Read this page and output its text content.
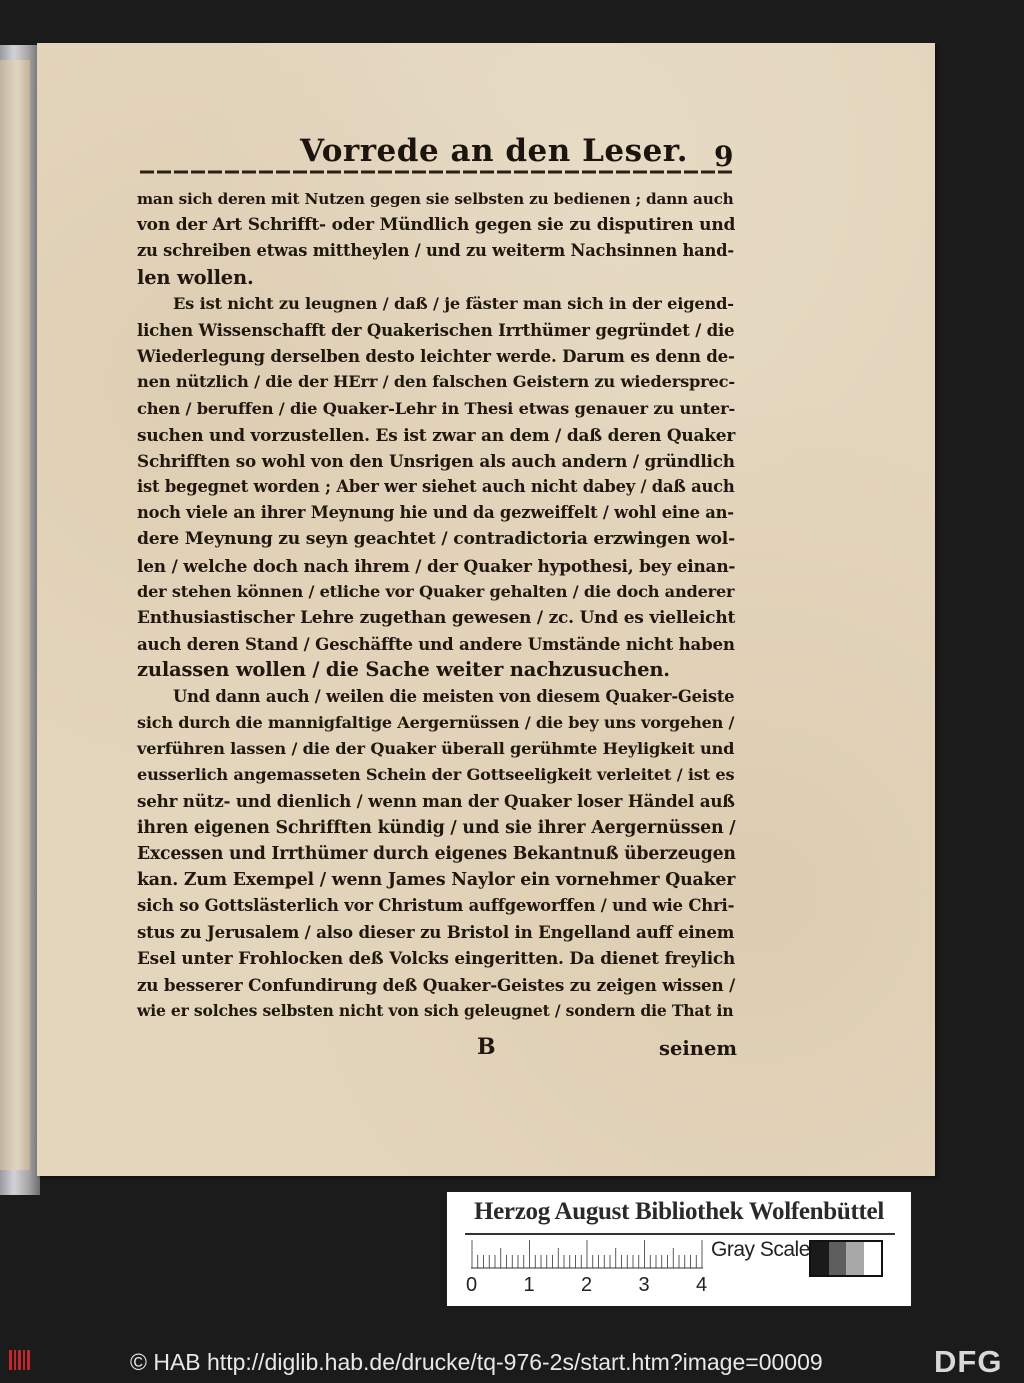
Vorrede an den Leser. 9
man sich deren mit Nutzen gegen sie selbsten zu bedienen ; dann auch
von der Art Schrifft- oder Mündlich gegen sie zu disputiren und
zu schreiben etwas mittheylen / und zu weiterm Nachsinnen hand-
len wollen.
Es ist nicht zu leugnen / daß / je fäster man sich in der eigend-
lichen Wissenschafft der Quakerischen Irrthümer gegründet / die
Wiederlegung derselben desto leichter werde. Darum es denn de-
nen nützlich / die der HErr / den falschen Geistern zu wiedersprec-
chen / beruffen / die Quaker-Lehr in Thesi etwas genauer zu unter-
suchen und vorzustellen. Es ist zwar an dem / daß deren Quaker
Schrifften so wohl von den Unsrigen als auch andern / gründlich
ist begegnet worden ; Aber wer siehet auch nicht dabey / daß auch
noch viele an ihrer Meynung hie und da gezweiffelt / wohl eine an-
dere Meynung zu seyn geachtet / contradictoria erzwingen wol-
len / welche doch nach ihrem / der Quaker hypothesi, bey einan-
der stehen können / etliche vor Quaker gehalten / die doch anderer
Enthusiastischer Lehre zugethan gewesen / zc. Und es vielleicht
auch deren Stand / Geschäffte und andere Umstände nicht haben
zulassen wollen / die Sache weiter nachzusuchen.
Und dann auch / weilen die meisten von diesem Quaker-Geiste
sich durch die mannigfaltige Aergernüssen / die bey uns vorgehen /
verführen lassen / die der Quaker überall gerühmte Heyligkeit und
eusserlich angemasseten Schein der Gottseeligkeit verleitet / ist es
sehr nütz- und dienlich / wenn man der Quaker loser Händel auß
ihren eigenen Schrifften kündig / und sie ihrer Aergernüssen /
Excessen und Irrthümer durch eigenes Bekantnuß überzeugen
kan. Zum Exempel / wenn James Naylor ein vornehmer Quaker
sich so Gottslästerlich vor Christum auffgeworffen / und wie Chri-
stus zu Jerusalem / also dieser zu Bristol in Engelland auff einem
Esel unter Frohlocken deß Volcks eingeritten. Da dienet freylich
zu besserer Confundirung deß Quaker-Geistes zu zeigen wissen /
wie er solches selbsten nicht von sich geleugnet / sondern die That in
B	seinem
Herzog August Bibliothek Wolfenbüttel
0 1 2 3 4
Gray Scale
© HAB http://diglib.hab.de/drucke/tq-976-2s/start.htm?image=00009	DFG
